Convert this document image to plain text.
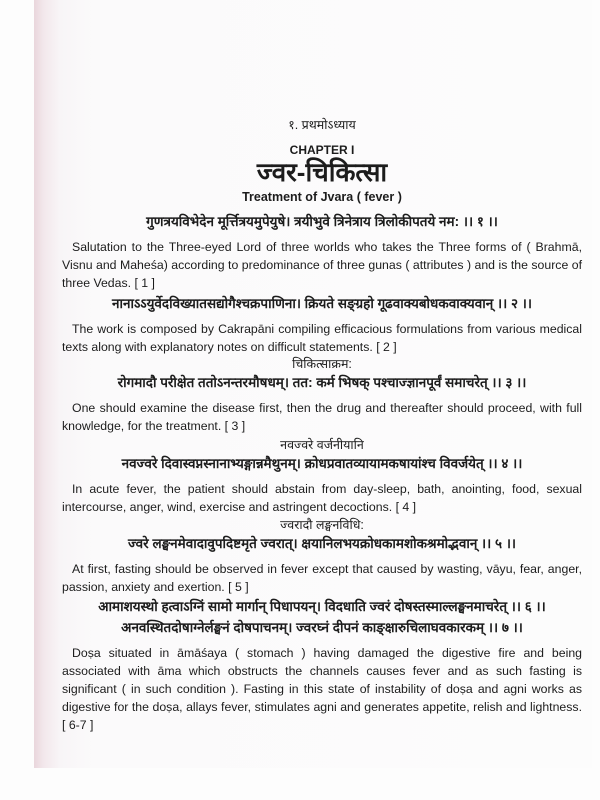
१. प्रथमोऽध्याय
CHAPTER I
ज्वर-चिकित्सा
Treatment of Jvara ( fever )
गुणत्रयविभेदेन मूर्त्तित्रयमुपेयुषे। त्रयीभुवे त्रिनेत्राय त्रिलोकीपतये नम: ।। १ ।।
Salutation to the Three-eyed Lord of three worlds who takes the Three forms of ( Brahmā, Visnu and Maheśa) according to predominance of three gunas ( attributes ) and is the source of three Vedas. [ 1 ]
नानाऽऽयुर्वेदविख्यातसद्योगैश्चक्रपाणिना। क्रियते सङ्ग्रहो गूढवाक्यबोधकवाक्यवान् ।। २ ।।
The work is composed by Cakrapāni compiling efficacious formulations from various medical texts along with explanatory notes on difficult statements. [ 2 ]
चिकित्साक्रम:
रोगमादौ परीक्षेत ततोऽनन्तरमौषधम्। तत: कर्म भिषक् पश्चाज्ज्ञानपूर्वं समाचरेत् ।। ३ ।।
One should examine the disease first, then the drug and thereafter should proceed, with full knowledge, for the treatment. [ 3 ]
नवज्वरे वर्जनीयानि
नवज्वरे दिवास्वप्नस्नानाभ्यङ्गान्नमैथुनम्। क्रोधप्रवातव्यायामकषायांश्च विवर्जयेत् ।। ४ ।।
In acute fever, the patient should abstain from day-sleep, bath, anointing, food, sexual intercourse, anger, wind, exercise and astringent decoctions. [ 4 ]
ज्वरादौ लङ्घनविधि:
ज्वरे लङ्घनमेवादावुपदिष्टमृते ज्वरात्। क्षयानिलभयक्रोधकामशोकश्रमोद्भवान् ।। ५ ।।
At first, fasting should be observed in fever except that caused by wasting, vāyu, fear, anger, passion, anxiety and exertion. [ 5 ]
आमाशयस्थो हत्वाऽग्निं सामो मार्गान् पिधापयन्। विदधाति ज्वरं दोषस्तस्माल्लङ्घनमाचरेत् ।। ६ ।।
अनवस्थितदोषाग्नेर्लङ्घनं दोषपाचनम्। ज्वरघ्नं दीपनं काङ्क्षारुचिलाघवकारकम् ।। ७ ।।
Doṣa situated in āmāśaya ( stomach ) having damaged the digestive fire and being associated with āma which obstructs the channels causes fever and as such fasting is significant ( in such condition ). Fasting in this state of instability of doṣa and agni works as digestive for the doṣa, allays fever, stimulates agni and generates appetite, relish and lightness. [ 6-7 ]
